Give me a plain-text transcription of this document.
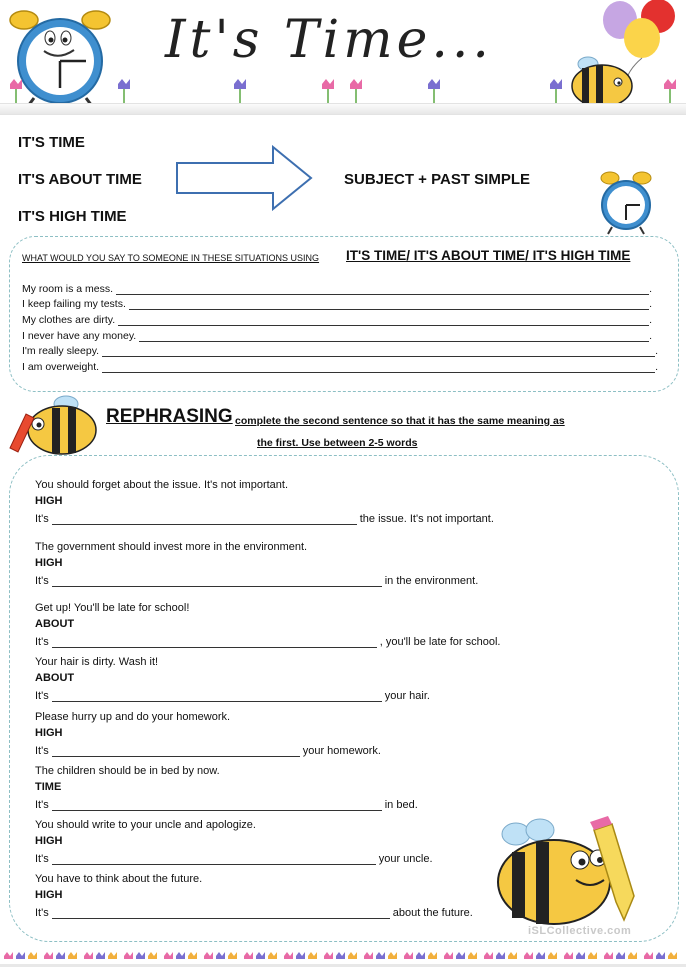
It's Time...
IT'S TIME
IT'S ABOUT TIME
IT'S HIGH TIME
SUBJECT + PAST SIMPLE
WHAT WOULD YOU SAY TO SOMEONE IN THESE SITUATIONS USING IT'S TIME/ IT'S ABOUT TIME/ IT'S HIGH TIME
My room is a mess.	.
I keep failing my tests.	.
My clothes are dirty.	.
I never have any money.	.
I'm really sleepy.	.
I am overweight.	.
REPHRASING complete the second sentence so that it has the same meaning as
the first. Use between 2-5 words
You should forget about the issue. It's not important.
HIGH
It's	the issue. It's not important.
The government should invest more in the environment.
HIGH
It's	in the environment.
Get up! You'll be late for school!
ABOUT
It's	, you'll be late for school.
Your hair is dirty. Wash it!
ABOUT
It's	your hair.
Please hurry up and do your homework.
HIGH
It's	your homework.
The children should be in bed by now.
TIME
It's	in bed.
You should write to your uncle and apologize.
HIGH
It's	your uncle.
You have to think about the future.
HIGH
It's	about the future.
iSLCollective.com
